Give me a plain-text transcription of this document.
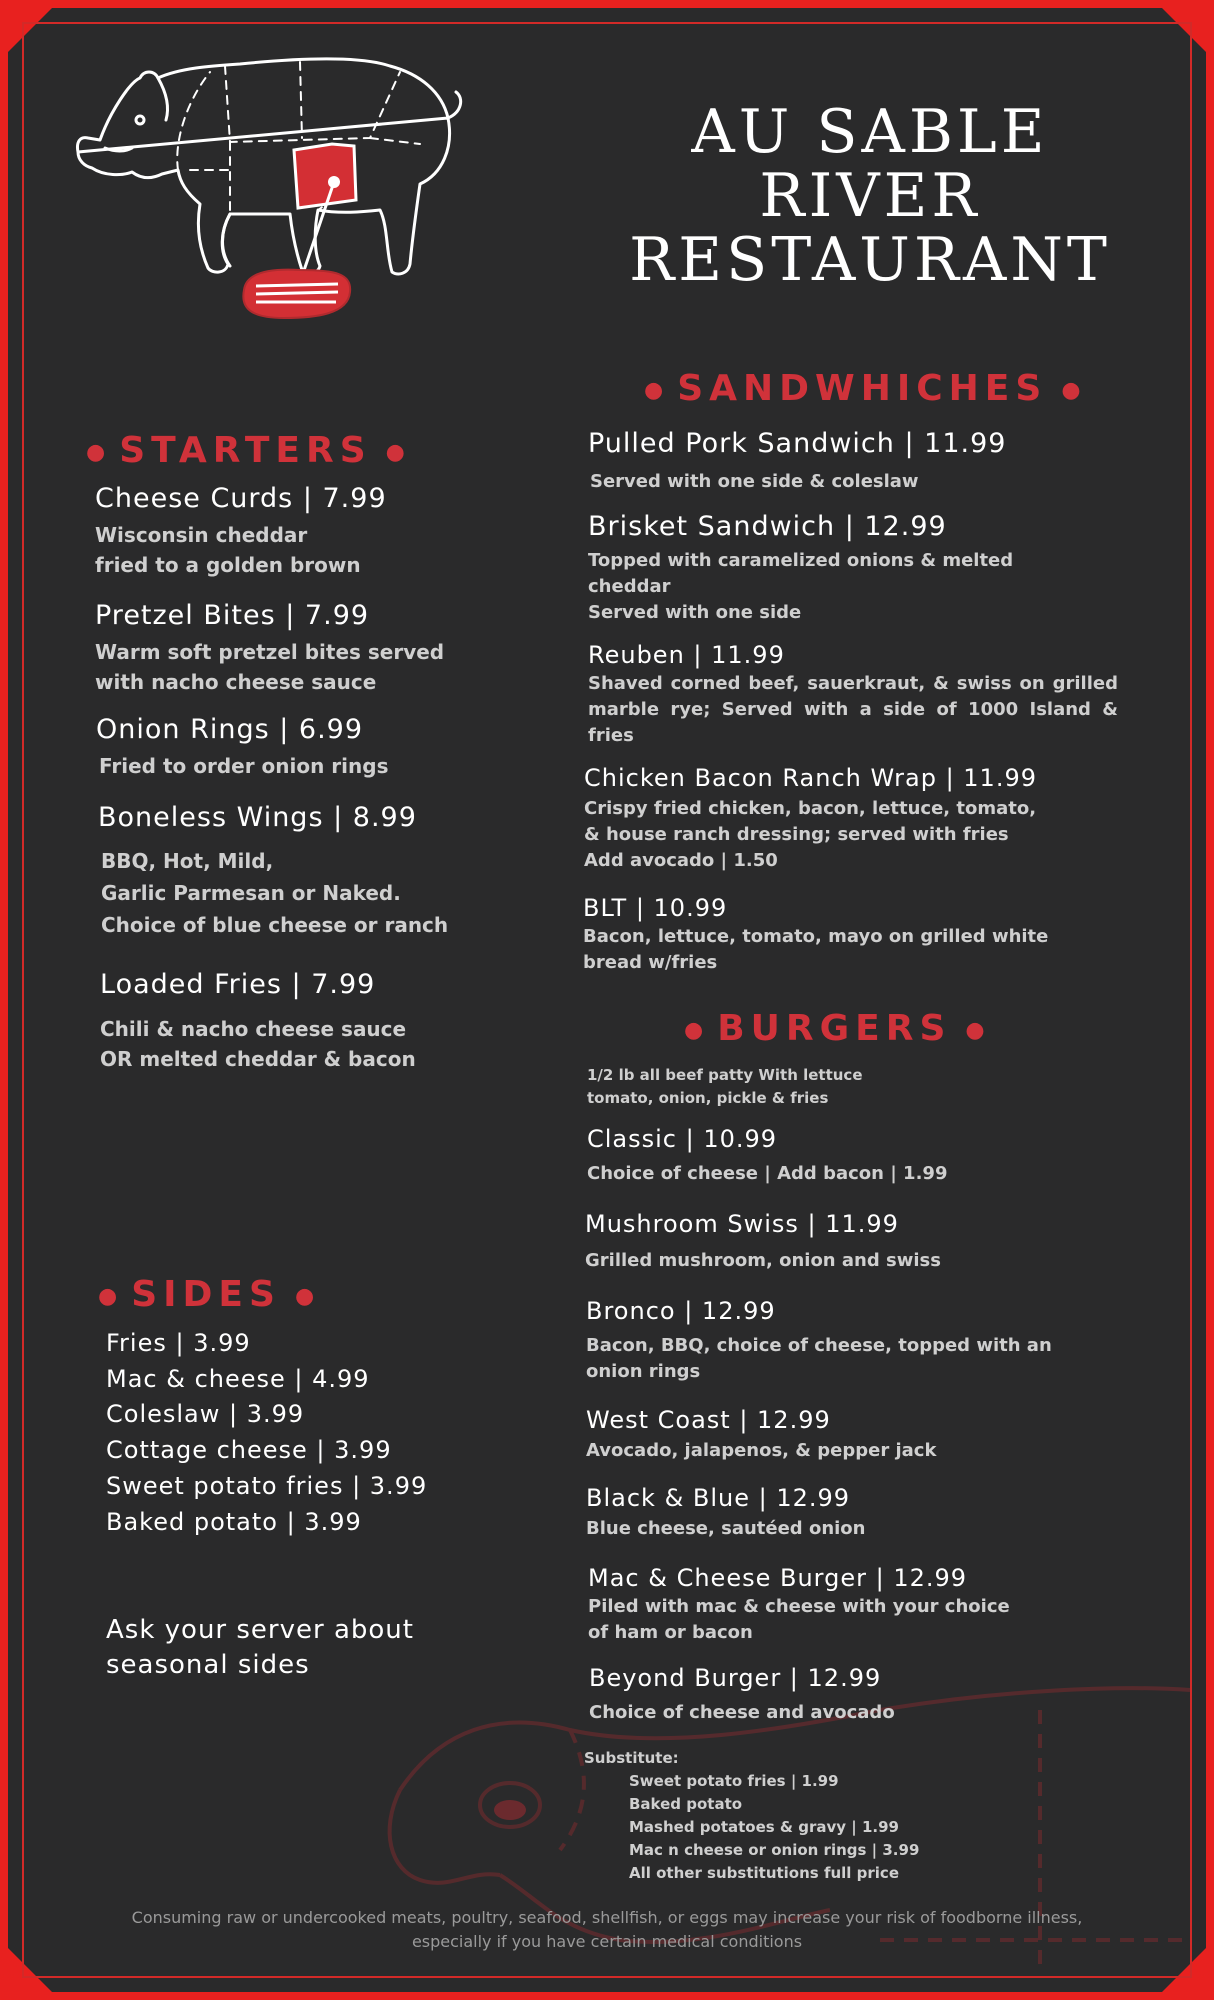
AU SABLE
RIVER
RESTAURANT
● STARTERS ●
Cheese Curds | 7.99
Wisconsin cheddar
fried to a golden brown
Pretzel Bites | 7.99
Warm soft pretzel bites served
with nacho cheese sauce
Onion Rings | 6.99
Fried to order onion rings
Boneless Wings | 8.99
BBQ, Hot, Mild,
Garlic Parmesan or Naked.
Choice of blue cheese or ranch
Loaded Fries | 7.99
Chili & nacho cheese sauce
OR melted cheddar & bacon
● SIDES ●
Fries | 3.99
Mac & cheese | 4.99
Coleslaw | 3.99
Cottage cheese | 3.99
Sweet potato fries | 3.99
Baked potato | 3.99
Ask your server about
seasonal sides
● SANDWHICHES ●
Pulled Pork Sandwich | 11.99
Served with one side & coleslaw
Brisket Sandwich | 12.99
Topped with caramelized onions & melted
cheddar
Served with one side
Reuben | 11.99
Shaved corned beef, sauerkraut, & swiss on grilled marble rye; Served with a side of 1000 Island & fries
Chicken Bacon Ranch Wrap | 11.99
Crispy fried chicken, bacon, lettuce, tomato,
& house ranch dressing; served with fries
Add avocado | 1.50
BLT | 10.99
Bacon, lettuce, tomato, mayo on grilled white
bread w/fries
● BURGERS ●
1/2 lb all beef patty With lettuce
tomato, onion, pickle & fries
Classic | 10.99
Choice of cheese | Add bacon | 1.99
Mushroom Swiss | 11.99
Grilled mushroom, onion and swiss
Bronco | 12.99
Bacon, BBQ, choice of cheese, topped with an
onion rings
West Coast | 12.99
Avocado, jalapenos, & pepper jack
Black & Blue | 12.99
Blue cheese, sautéed onion
Mac & Cheese Burger | 12.99
Piled with mac & cheese with your choice
of ham or bacon
Beyond Burger | 12.99
Choice of cheese and avocado
Substitute:
Sweet potato fries | 1.99
Baked potato
Mashed potatoes & gravy | 1.99
Mac n cheese or onion rings | 3.99
All other substitutions full price
Consuming raw or undercooked meats, poultry, seafood, shellfish, or eggs may increase your risk of foodborne illness,
especially if you have certain medical conditions
